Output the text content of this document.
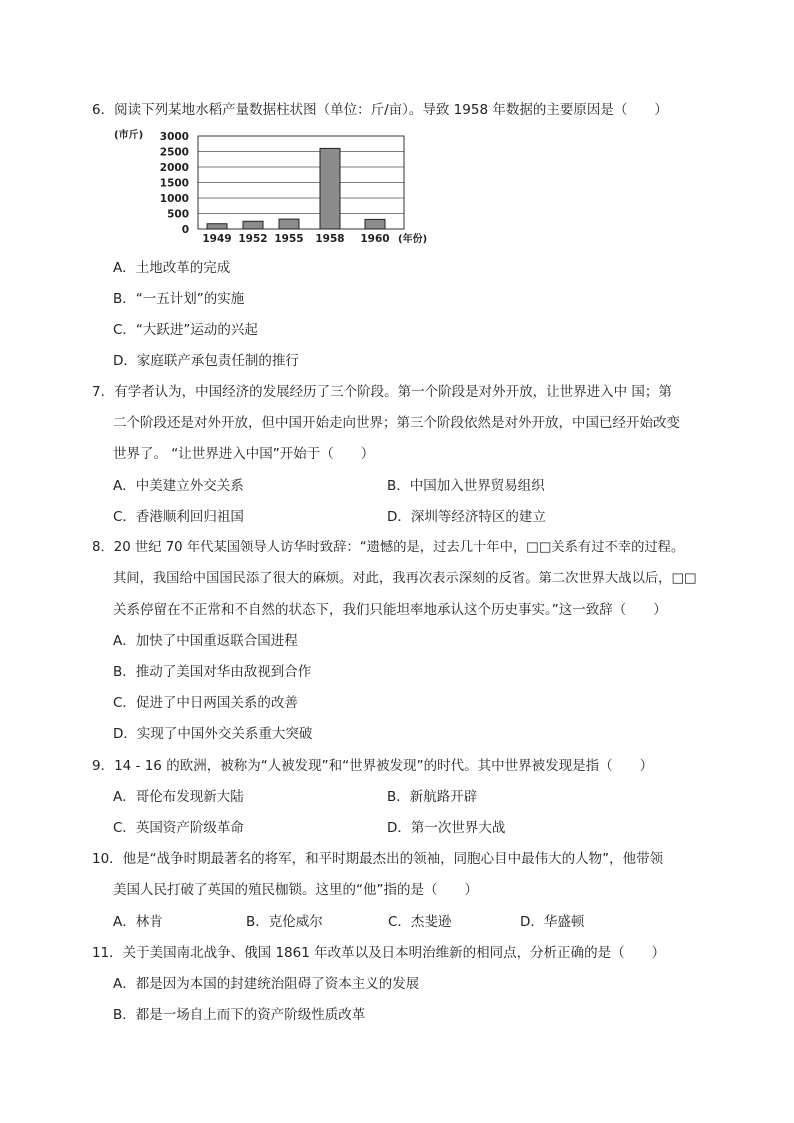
6．阅读下列某地水稻产量数据柱状图（单位：斤/亩）。导致 1958 年数据的主要原因是（　　）
(市斤)
0
500
1000
1500
2000
2500
3000
1949 1952 1955 1958 1960 (年份)
A．土地改革的完成
B．“一五计划”的实施
C．“大跃进”运动的兴起
D．家庭联产承包责任制的推行
7．有学者认为，中国经济的发展经历了三个阶段。第一个阶段是对外开放，让世界进入中 国；第
二个阶段还是对外开放，但中国开始走向世界；第三个阶段依然是对外开放，中国已经开始改变
世界了。 “让世界进入中国”开始于（　　）
A．中美建立外交关系	B．中国加入世界贸易组织
C．香港顺利回归祖国	D．深圳等经济特区的建立
8．20 世纪 70 年代某国领导人访华时致辞：“遗憾的是，过去几十年中，□□关系有过不幸的过程。
其间，我国给中国国民添了很大的麻烦。对此，我再次表示深刻的反省。第二次世界大战以后，□□
关系停留在不正常和不自然的状态下，我们只能坦率地承认这个历史事实。”这一致辞（　　）
A．加快了中国重返联合国进程
B．推动了美国对华由敌视到合作
C．促进了中日两国关系的改善
D．实现了中国外交关系重大突破
9．14 - 16 的欧洲，被称为“人被发现”和“世界被发现”的时代。其中世界被发现是指（　　）
A．哥伦布发现新大陆	B．新航路开辟
C．英国资产阶级革命	D．第一次世界大战
10．他是“战争时期最著名的将军，和平时期最杰出的领袖，同胞心目中最伟大的人物”，他带领
美国人民打破了英国的殖民枷锁。这里的“他”指的是（　　）
A．林肯	B．克伦威尔	C．杰斐逊	D．华盛顿
11．关于美国南北战争、俄国 1861 年改革以及日本明治维新的相同点，分析正确的是（　　）
A．都是因为本国的封建统治阻碍了资本主义的发展
B．都是一场自上而下的资产阶级性质改革
